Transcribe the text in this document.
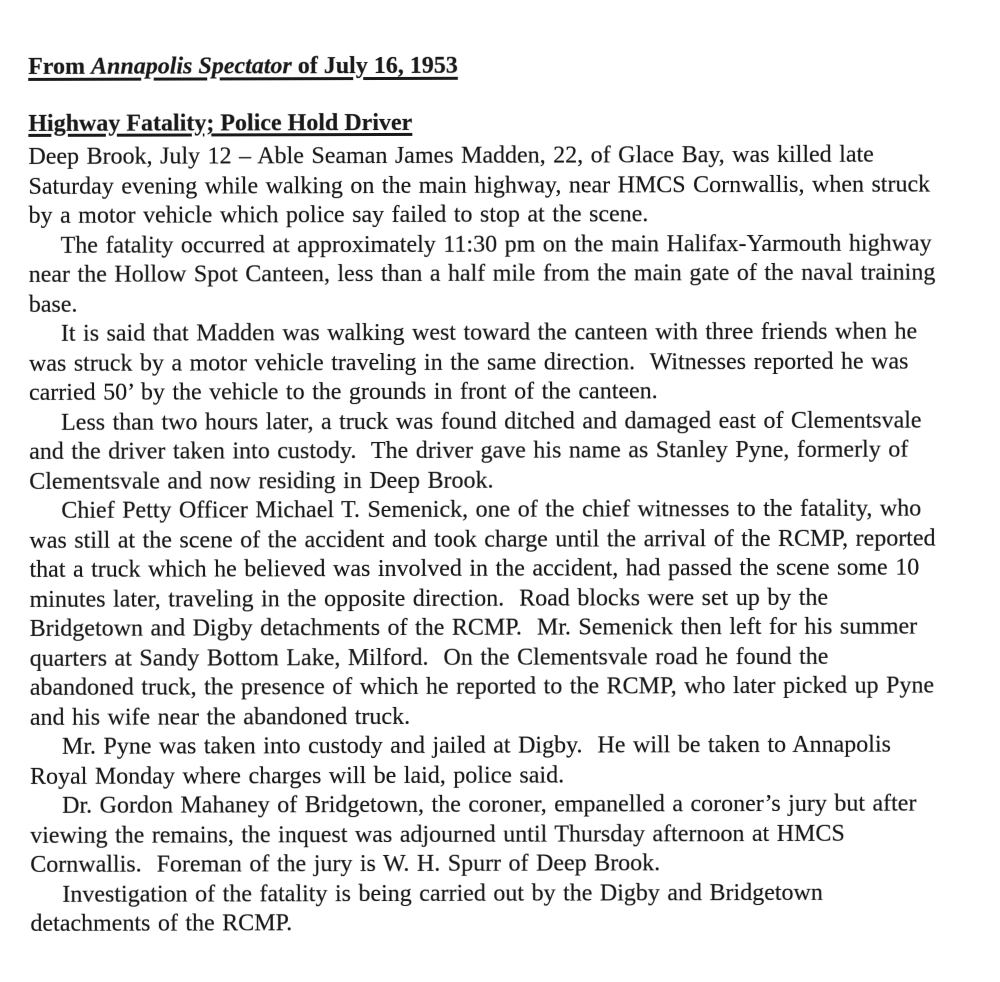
From Annapolis Spectator of July 16, 1953
Highway Fatality; Police Hold Driver

Deep Brook, July 12 – Able Seaman James Madden, 22, of Glace Bay, was killed late Saturday evening while walking on the main highway, near HMCS Cornwallis, when struck by a motor vehicle which police say failed to stop at the scene.

The fatality occurred at approximately 11:30 pm on the main Halifax-Yarmouth highway near the Hollow Spot Canteen, less than a half mile from the main gate of the naval training base.

It is said that Madden was walking west toward the canteen with three friends when he was struck by a motor vehicle traveling in the same direction.  Witnesses reported he was carried 50’ by the vehicle to the grounds in front of the canteen.

Less than two hours later, a truck was found ditched and damaged east of Clementsvale and the driver taken into custody.  The driver gave his name as Stanley Pyne, formerly of Clementsvale and now residing in Deep Brook.

Chief Petty Officer Michael T. Semenick, one of the chief witnesses to the fatality, who was still at the scene of the accident and took charge until the arrival of the RCMP, reported that a truck which he believed was involved in the accident, had passed the scene some 10 minutes later, traveling in the opposite direction.  Road blocks were set up by the Bridgetown and Digby detachments of the RCMP.  Mr. Semenick then left for his summer quarters at Sandy Bottom Lake, Milford.  On the Clementsvale road he found the abandoned truck, the presence of which he reported to the RCMP, who later picked up Pyne and his wife near the abandoned truck.

Mr. Pyne was taken into custody and jailed at Digby.  He will be taken to Annapolis Royal Monday where charges will be laid, police said.

Dr. Gordon Mahaney of Bridgetown, the coroner, empanelled a coroner’s jury but after viewing the remains, the inquest was adjourned until Thursday afternoon at HMCS Cornwallis.  Foreman of the jury is W. H. Spurr of Deep Brook.

Investigation of the fatality is being carried out by the Digby and Bridgetown detachments of the RCMP.
